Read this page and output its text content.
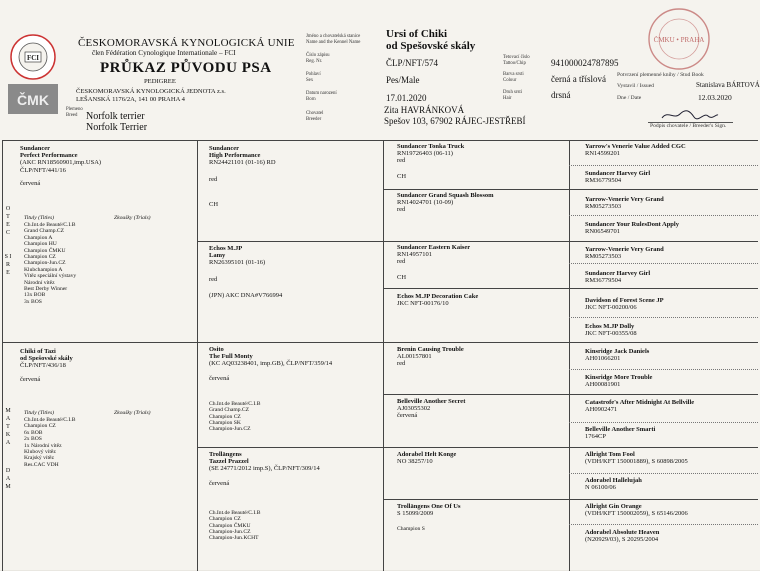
FCI
ČMK
ČESKOMORAVSKÁ KYNOLOGICKÁ UNIE
člen Fédération Cynologique Internationale – FCI
PRŮKAZ PŮVODU PSA
PEDIGREE
ČESKOMORAVSKÁ KYNOLOGICKÁ JEDNOTA z.s.
LEŠANSKÁ 1176/2A, 141 00 PRAHA 4
Jméno a chovatelská stanice
Name and the Kennel Name
Číslo zápisu
Reg. Nr.
Pohlaví
Sex
Datum narození
Born
Chovatel
Breeder
Plemeno
Breed Norfolk terrier
Norfolk Terrier
Ursi of Chiki
od Spešovské skály
ČLP/NFT/574
Pes/Male
17.01.2020
Zita HAVRÁNKOVÁ
Spešov 103, 67902 RÁJEC-JESTŘEBÍ
Tetovací číslo
Tattoo/Chip
Barva srsti
Colour
Druh srsti
Hair
941000024787895
černá a tříslová
drsná
ČMKU • PRAHA
Potvrzení plemenné knihy / Stud Book
Vystavil / Issued
Dne / Date
Stanislava BÁRTOVÁ
12.03.2020
Podpis chovatele / Breeder's Sign.
O T E C
S I R E
M A T K A
D A M
Sundancer
Perfect Performance
(AKC RN18560901,imp.USA)
ČLP/NFT/441/16
červená
Tituly (Titles)	Zkoušky (Trials)
Ch.Int.de Beauté/C.I.B
Grand Champ.CZ
Champion A
Champion HU
Champion ČMKU
Champion CZ
Champion-Jun.CZ
Klubchampion A
Vítěz speciální výstavy
Národní vítěz
Best Derby Winner
13x BOB
3x BOS
Chiki of Tazi
od Spešovské skály
ČLP/NFT/436/18
červená
Tituly (Titles)	Zkoušky (Trials)
Ch.Int.de Beauté/C.I.B
Champion CZ
6x BOB
2x BOS
1x Národní vítěz
Klubový vítěz
Krajský vítěz
Res.CAC VDH
Sundancer
High Performance
RN24421101 (01-16) RD
red
CH
Echos M.JP
Lamy
RN26395101 (01-16)
red
(JPN) AKC DNA#V766994
Osito
The Full Monty
(KC AQ03238401, imp.GB), ČLP/NFT/359/14
červená
Ch.Int.de Beauté/C.I.B
Grand Champ.CZ
Champion CZ
Champion SK
Champion-Jun.CZ
Trollängens
Tazzel Prazzel
(SE 24771/2012 imp.S), ČLP/NFT/309/14
červená
Ch.Int.de Beauté/C.I.B
Champion CZ
Champion ČMKU
Champion-Jun.CZ
Champion-Jun.KCHT
Sundancer Tonka Truck
RN19726403 (06-11)
red
CH
Sundancer Grand Squash Blossom
RN14024701 (10-09)
red
Sundancer Eastern Kaiser
RN14957101
red
CH
Echos M.JP Decoration Cake
JKC NFT-00176/10
Brenin Causing Trouble
AL00157801
red
Belleville Another Secret
AJ03055302
červená
Adorabel Helt Konge
NO 38257/10
Trollängens One Of Us
S 15099/2009
Champion S
Yarrow's Venerie Value Added CGC
RN14599201
Sundancer Harvey Girl
RM36779504
Yarrow-Venerie Very Grand
RM05273503
Sundancer Your RulesDont Apply
RN06549701
Yarrow-Venerie Very Grand
RM05273503
Sundancer Harvey Girl
RM36779504
Davidson of Forest Scene JP
JKC NFT-00200/06
Echos M.JP Dolly
JKC NFT-00355/08
Kinsridge Jack Daniels
AH01066201
Kinsridge More Trouble
AH00081901
Catastrofe's After Midnight At Bellville
AH0902471
Belleville Another Smarti
1764CP
Allright Tom Fool
(VDH/KFT 150001889), S 60898/2005
Adorabel Hallelujah
N 06100/06
Allright Gin Orange
(VDH/KFT 150002059), S 65146/2006
Adorabel Absolute Heaven
(N20929/03), S 20295/2004
